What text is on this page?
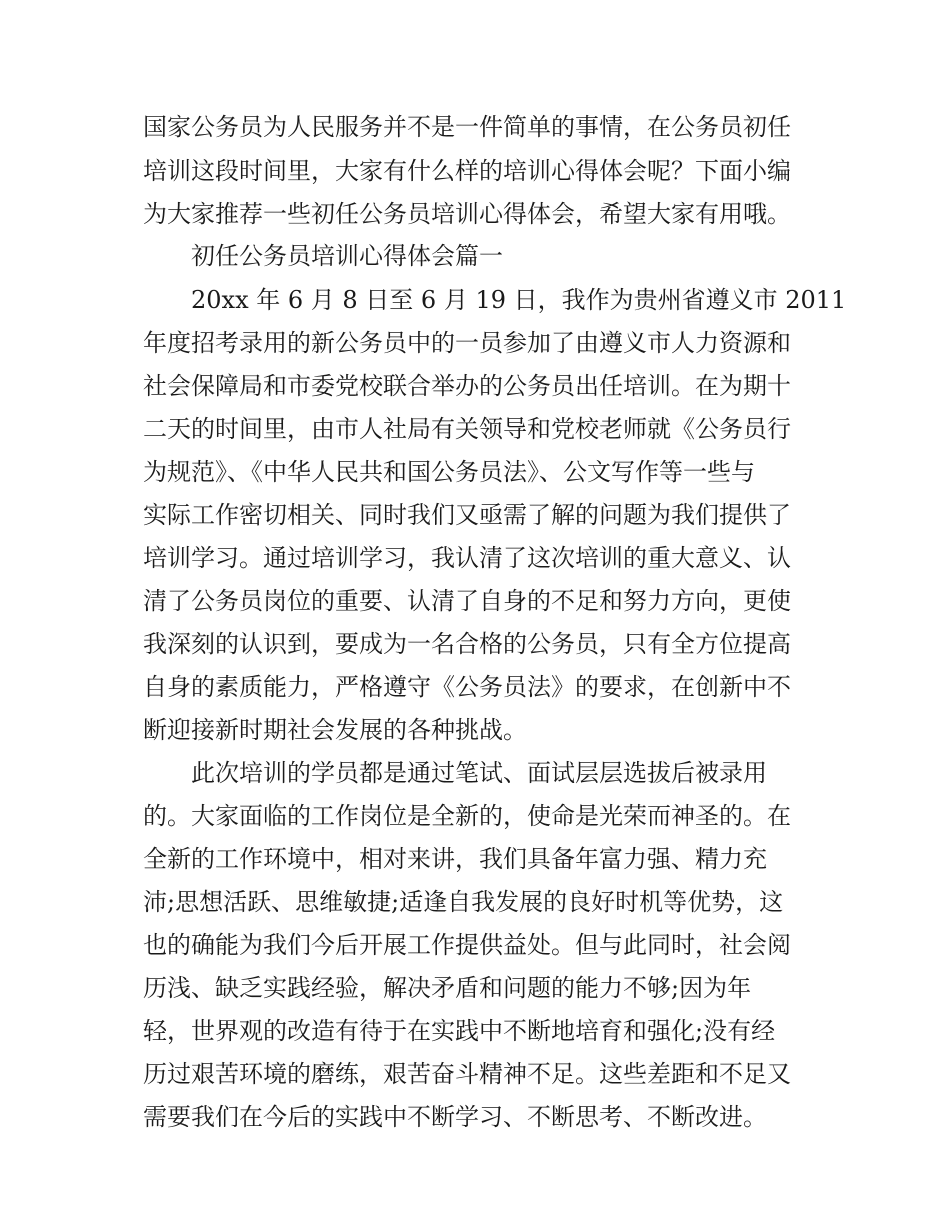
国家公务员为人民服务并不是一件简单的事情，在公务员初任
培训这段时间里，大家有什么样的培训心得体会呢？下面小编
为大家推荐一些初任公务员培训心得体会，希望大家有用哦。
初任公务员培训心得体会篇一
20xx 年 6 月 8 日至 6 月 19 日，我作为贵州省遵义市 2011
年度招考录用的新公务员中的一员参加了由遵义市人力资源和
社会保障局和市委党校联合举办的公务员出任培训。在为期十
二天的时间里，由市人社局有关领导和党校老师就《公务员行
为规范》、《中华人民共和国公务员法》、公文写作等一些与
实际工作密切相关、同时我们又亟需了解的问题为我们提供了
培训学习。通过培训学习，我认清了这次培训的重大意义、认
清了公务员岗位的重要、认清了自身的不足和努力方向，更使
我深刻的认识到，要成为一名合格的公务员，只有全方位提高
自身的素质能力，严格遵守《公务员法》的要求，在创新中不
断迎接新时期社会发展的各种挑战。
此次培训的学员都是通过笔试、面试层层选拔后被录用
的。大家面临的工作岗位是全新的，使命是光荣而神圣的。在
全新的工作环境中，相对来讲，我们具备年富力强、精力充
沛;思想活跃、思维敏捷;适逢自我发展的良好时机等优势，这
也的确能为我们今后开展工作提供益处。但与此同时，社会阅
历浅、缺乏实践经验，解决矛盾和问题的能力不够;因为年
轻，世界观的改造有待于在实践中不断地培育和强化;没有经
历过艰苦环境的磨练，艰苦奋斗精神不足。这些差距和不足又
需要我们在今后的实践中不断学习、不断思考、不断改进。
